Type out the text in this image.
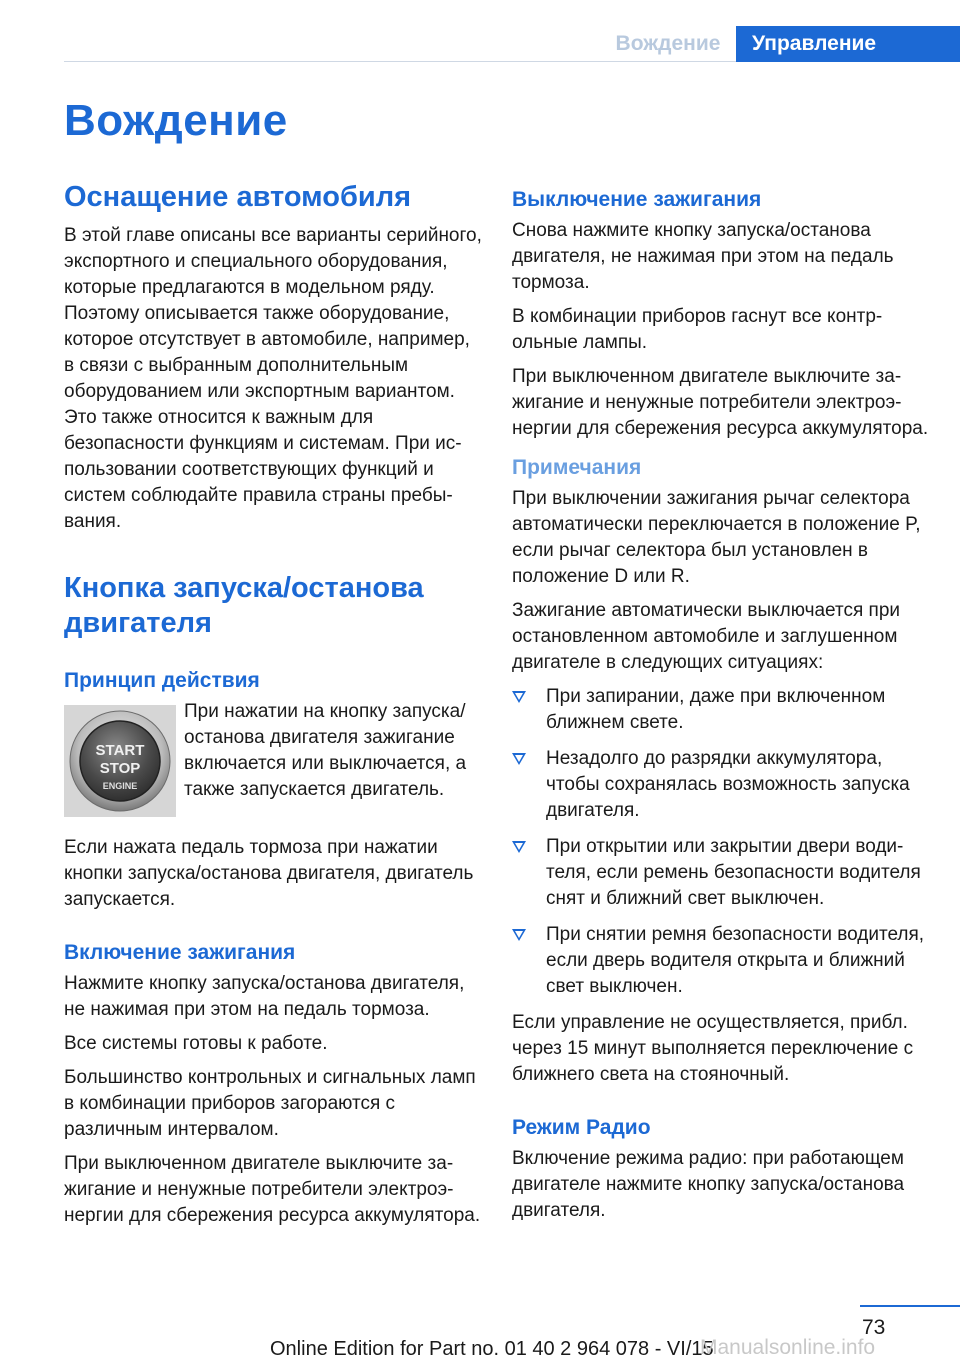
Вождение	Управление
Вождение
Оснащение автомобиля

В этой главе описаны все варианты серийного, экспортного и специального оборудования, которые предлагаются в модельном ряду. Поэтому описывается также оборудование, которое отсутствует в автомобиле, например, в связи с выбранным дополнительным оборудованием или экспортным вариантом. Это также относится к важным для безопасности функциям и системам. При использовании соответствующих функций и систем соблюдайте правила страны пребывания.

Кнопка запуска/останова двигателя
Принцип действия
START
STOP
ENGINE
При нажатии на кнопку запуска/останова двигателя зажигание включается или выключается, а также запускается двигатель.

Если нажата педаль тормоза при нажатии кнопки запуска/останова двигателя, двигатель запускается.

Включение зажигания

Нажмите кнопку запуска/останова двигателя, не нажимая при этом на педаль тормоза.

Все системы готовы к работе.

Большинство контрольных и сигнальных ламп в комбинации приборов загораются с различным интервалом.

При выключенном двигателе выключите зажигание и ненужные потребители электроэнергии для сбережения ресурса аккумулятора.

Выключение зажигания

Снова нажмите кнопку запуска/останова двигателя, не нажимая при этом на педаль тормоза.

В комбинации приборов гаснут все контрольные лампы.

При выключенном двигателе выключите зажигание и ненужные потребители электроэнергии для сбережения ресурса аккумулятора.

Примечания

При выключении зажигания рычаг селектора автоматически переключается в положение P, если рычаг селектора был установлен в положение D или R.

Зажигание автоматически выключается при остановленном автомобиле и заглушенном двигателе в следующих ситуациях:

При запирании, даже при включенном ближнем свете.
Незадолго до разрядки аккумулятора, чтобы сохранялась возможность запуска двигателя.
При открытии или закрытии двери водителя, если ремень безопасности водителя снят и ближний свет выключен.
При снятии ремня безопасности водителя, если дверь водителя открыта и ближний свет выключен.

Если управление не осуществляется, прибл. через 15 минут выполняется переключение с ближнего света на стояночный.

Режим Радио

Включение режима радио: при работающем двигателе нажмите кнопку запуска/останова двигателя.

73
Online Edition for Part no. 01 40 2 964 078 - VI/15
Manualsonline.info
